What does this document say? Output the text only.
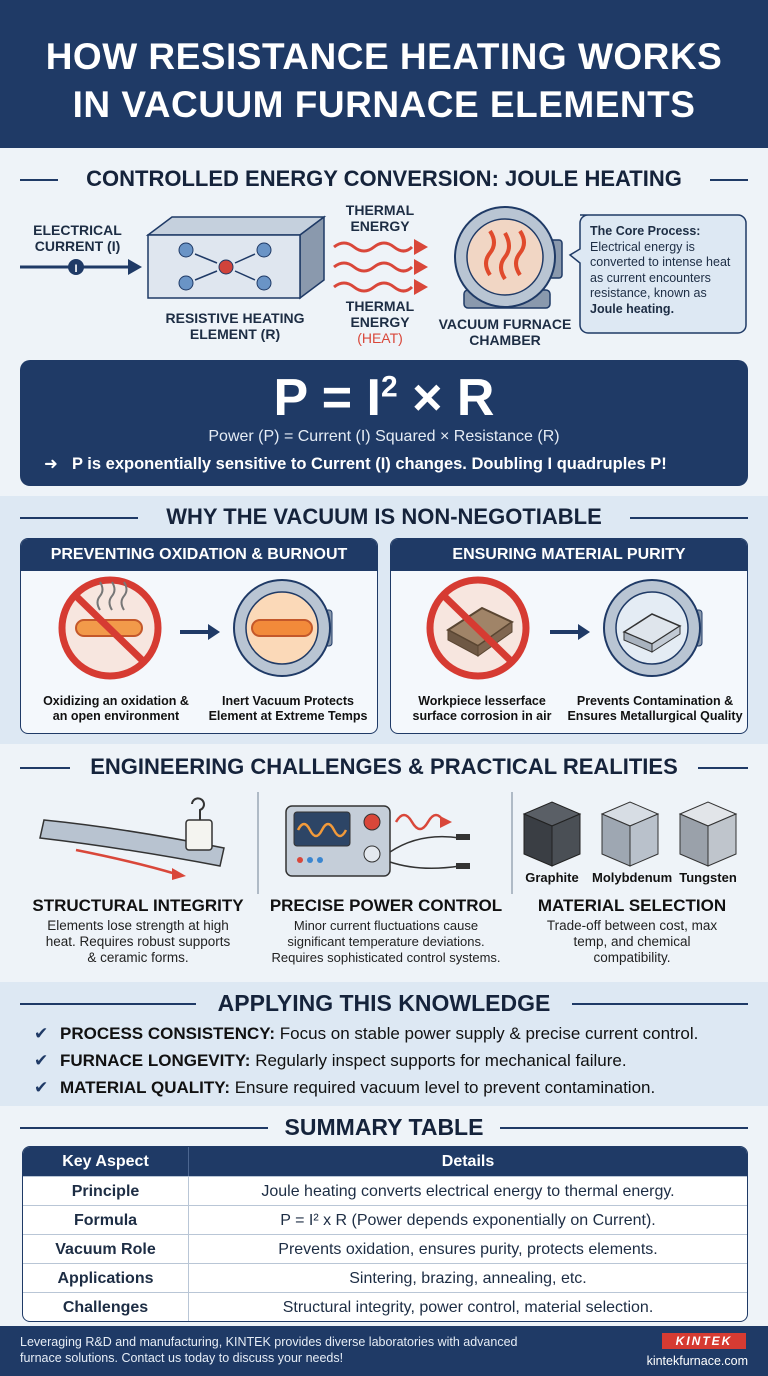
HOW RESISTANCE HEATING WORKS
IN VACUUM FURNACE ELEMENTS
CONTROLLED ENERGY CONVERSION: JOULE HEATING
I
ELECTRICAL
CURRENT (I)
RESISTIVE HEATING
ELEMENT (R)
THERMAL
ENERGY
THERMAL
ENERGY
(HEAT)
VACUUM FURNACE
CHAMBER
The Core Process:
Electrical energy is
converted to intense heat
as current encounters
resistance, known as
Joule heating.
$P = I^2 \times R$
Power (P) = Current (I) Squared × Resistance (R)
➜ P is exponentially sensitive to Current (I) changes. Doubling I quadruples P!
WHY THE VACUUM IS NON-NEGOTIABLE
PREVENTING OXIDATION & BURNOUT
Oxidizing an oxidation &
an open environment
Inert Vacuum Protects
Element at Extreme Temps
ENSURING MATERIAL PURITY
Workpiece lesserface
surface corrosion in air
Prevents Contamination &
Ensures Metallurgical Quality
ENGINEERING CHALLENGES & PRACTICAL REALITIES
Graphite	Molybdenum Tungsten
STRUCTURAL INTEGRITY
Elements lose strength at high
heat. Requires robust supports
& ceramic forms.
PRECISE POWER CONTROL
Minor current fluctuations cause
significant temperature deviations.
Requires sophisticated control systems.
MATERIAL SELECTION
Trade-off between cost, max
temp, and chemical
compatibility.
APPLYING THIS KNOWLEDGE
✔ PROCESS CONSISTENCY: Focus on stable power supply & precise current control.
✔ FURNACE LONGEVITY: Regularly inspect supports for mechanical failure.
✔ MATERIAL QUALITY: Ensure required vacuum level to prevent contamination.
SUMMARY TABLE
Key Aspect	Details
Principle	Joule heating converts electrical energy to thermal energy.
Formula	P = I² x R (Power depends exponentially on Current).
Vacuum Role	Prevents oxidation, ensures purity, protects elements.
Applications	Sintering, brazing, annealing, etc.
Challenges	Structural integrity, power control, material selection.
Leveraging R&D and manufacturing, KINTEK provides diverse laboratories with advanced
furnace solutions. Contact us today to discuss your needs!
KINTEK
kintekfurnace.com
